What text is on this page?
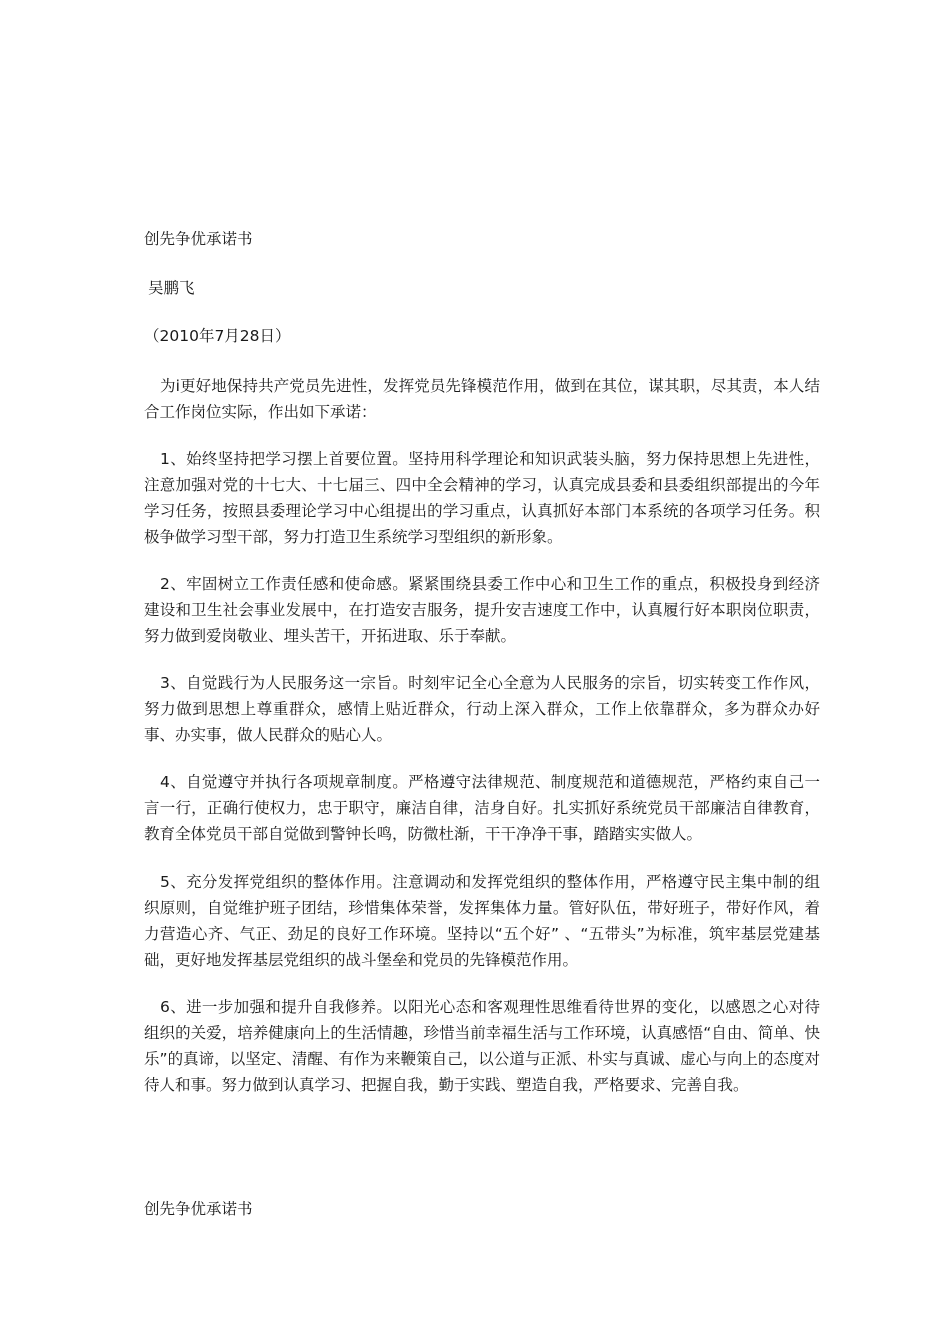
创先争优承诺书
吴鹏飞
（2010年7月28日）
为i更好地保持共产党员先进性，发挥党员先锋模范作用，做到在其位，谋其职，尽其责，本人结合工作岗位实际，作出如下承诺：
1、始终坚持把学习摆上首要位置。坚持用科学理论和知识武装头脑，努力保持思想上先进性，注意加强对党的十七大、十七届三、四中全会精神的学习，认真完成县委和县委组织部提出的今年学习任务，按照县委理论学习中心组提出的学习重点，认真抓好本部门本系统的各项学习任务。积极争做学习型干部，努力打造卫生系统学习型组织的新形象。
2、牢固树立工作责任感和使命感。紧紧围绕县委工作中心和卫生工作的重点，积极投身到经济建设和卫生社会事业发展中，在打造安吉服务，提升安吉速度工作中，认真履行好本职岗位职责，努力做到爱岗敬业、埋头苦干，开拓进取、乐于奉献。
3、自觉践行为人民服务这一宗旨。时刻牢记全心全意为人民服务的宗旨，切实转变工作作风，努力做到思想上尊重群众，感情上贴近群众，行动上深入群众，工作上依靠群众，多为群众办好事、办实事，做人民群众的贴心人。
4、自觉遵守并执行各项规章制度。严格遵守法律规范、制度规范和道德规范，严格约束自己一言一行，正确行使权力，忠于职守，廉洁自律，洁身自好。扎实抓好系统党员干部廉洁自律教育，教育全体党员干部自觉做到警钟长鸣，防微杜渐，干干净净干事，踏踏实实做人。
5、充分发挥党组织的整体作用。注意调动和发挥党组织的整体作用，严格遵守民主集中制的组织原则，自觉维护班子团结，珍惜集体荣誉，发挥集体力量。管好队伍，带好班子，带好作风，着力营造心齐、气正、劲足的良好工作环境。坚持以“五个好” 、“五带头”为标准，筑牢基层党建基础，更好地发挥基层党组织的战斗堡垒和党员的先锋模范作用。
6、进一步加强和提升自我修养。以阳光心态和客观理性思维看待世界的变化，以感恩之心对待组织的关爱，培养健康向上的生活情趣，珍惜当前幸福生活与工作环境，认真感悟“自由、简单、快乐”的真谛，以坚定、清醒、有作为来鞭策自己，以公道与正派、朴实与真诚、虚心与向上的态度对待人和事。努力做到认真学习、把握自我，勤于实践、塑造自我，严格要求、完善自我。
创先争优承诺书
